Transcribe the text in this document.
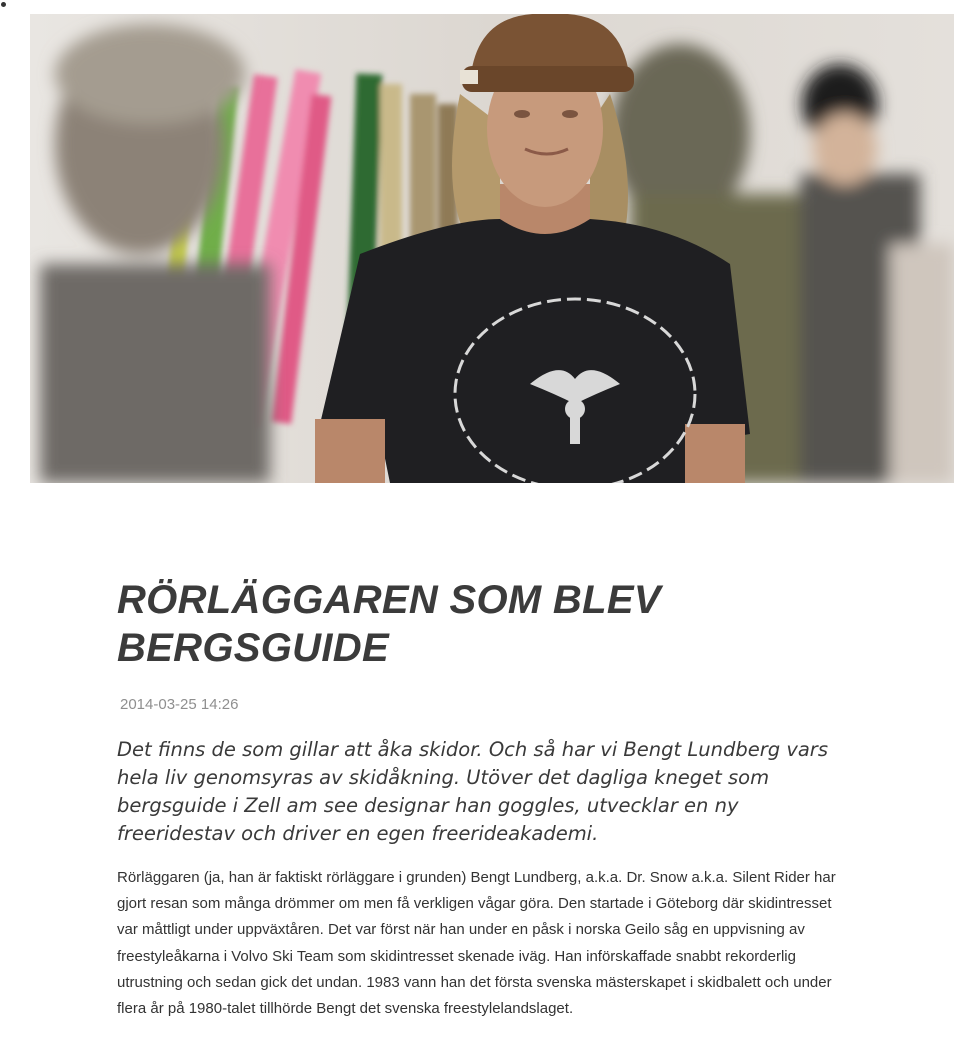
RÖRLÄGGAREN SOM BLEV BERGSGUIDE
2014-03-25 14:26

Det finns de som gillar att åka skidor. Och så har vi Bengt Lundberg vars hela liv genomsyras av skidåkning. Utöver det dagliga kneget som bergsguide i Zell am see designar han goggles, utvecklar en ny freeridestav och driver en egen freerideakademi.

Rörläggaren (ja, han är faktiskt rörläggare i grunden) Bengt Lundberg, a.k.a. Dr. Snow a.k.a. Silent Rider har gjort resan som många drömmer om men få verkligen vågar göra. Den startade i Göteborg där skidintresset var måttligt under uppväxtåren. Det var först när han under en påsk i norska Geilo såg en uppvisning av freestyleåkarna i Volvo Ski Team som skidintresset skenade iväg. Han införskaffade snabbt rekorderlig utrustning och sedan gick det undan. 1983 vann han det första svenska mästerskapet i skidbalett och under flera år på 1980-talet tillhörde Bengt det svenska freestylelandslaget.
